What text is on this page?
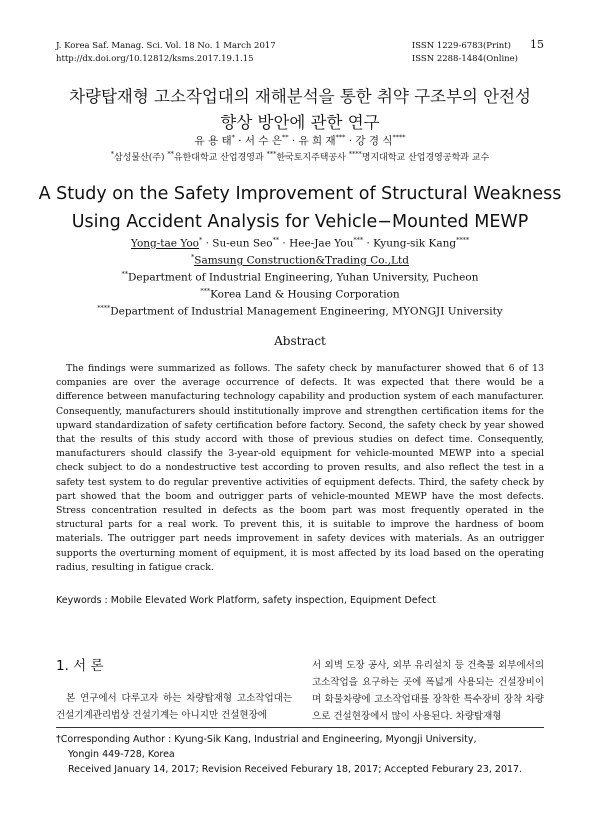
J. Korea Saf. Manag. Sci. Vol. 18 No. 1 March 2017
http://dx.doi.org/10.12812/ksms.2017.19.1.15
ISSN 1229-6783(Print)
ISSN 2288-1484(Online)
15
차량탑재형 고소작업대의 재해분석을 통한 취약 구조부의 안전성
향상 방안에 관한 연구
유 용 태* · 서 수 은** · 유 희 재*** · 강 경 식****
*삼성물산(주) **유한대학교 산업경영과 ***한국토지주택공사 ****명지대학교 산업경영공학과 교수
A Study on the Safety Improvement of Structural Weakness
Using Accident Analysis for Vehicle−Mounted MEWP
Yong-tae Yoo* · Su-eun Seo** · Hee-Jae You*** · Kyung-sik Kang****
*Samsung Construction&Trading Co.,Ltd
**Department of Industrial Engineering, Yuhan University, Pucheon
***Korea Land & Housing Corporation
****Department of Industrial Management Engineering, MYONGJI University
Abstract
The findings were summarized as follows. The safety check by manufacturer showed that 6 of 13 companies are over the average occurrence of defects. It was expected that there would be a difference between manufacturing technology capability and production system of each manufacturer. Consequently, manufacturers should institutionally improve and strengthen certification items for the upward standardization of safety certification before factory. Second, the safety check by year showed that the results of this study accord with those of previous studies on defect time. Consequently, manufacturers should classify the 3-year-old equipment for vehicle-mounted MEWP into a special check subject to do a nondestructive test according to proven results, and also reflect the test in a safety test system to do regular preventive activities of equipment defects. Third, the safety check by part showed that the boom and outrigger parts of vehicle-mounted MEWP have the most defects. Stress concentration resulted in defects as the boom part was most frequently operated in the structural parts for a real work. To prevent this, it is suitable to improve the hardness of boom materials. The outrigger part needs improvement in safety devices with materials. As an outrigger supports the overturning moment of equipment, it is most affected by its load based on the operating radius, resulting in fatigue crack.
Keywords : Mobile Elevated Work Platform, safety inspection, Equipment Defect
1. 서 론
본 연구에서 다루고자 하는 차량탑재형 고소작업대는 건설기계관리법상 건설기계는 아니지만 건설현장에
서 외벽 도장 공사, 외부 유리설치 등 건축물 외부에서의 고소작업을 요구하는 곳에 폭넓게 사용되는 건설장비이며 화물차량에 고소작업대를 장착한 특수장비 장착 차량으로 건설현장에서 많이 사용된다. 차량탑재형
†Corresponding Author : Kyung-Sik Kang, Industrial and Engineering, Myongji University,
Yongin 449-728, Korea
Received January 14, 2017; Revision Received Feburary 18, 2017; Accepted Feburary 23, 2017.
